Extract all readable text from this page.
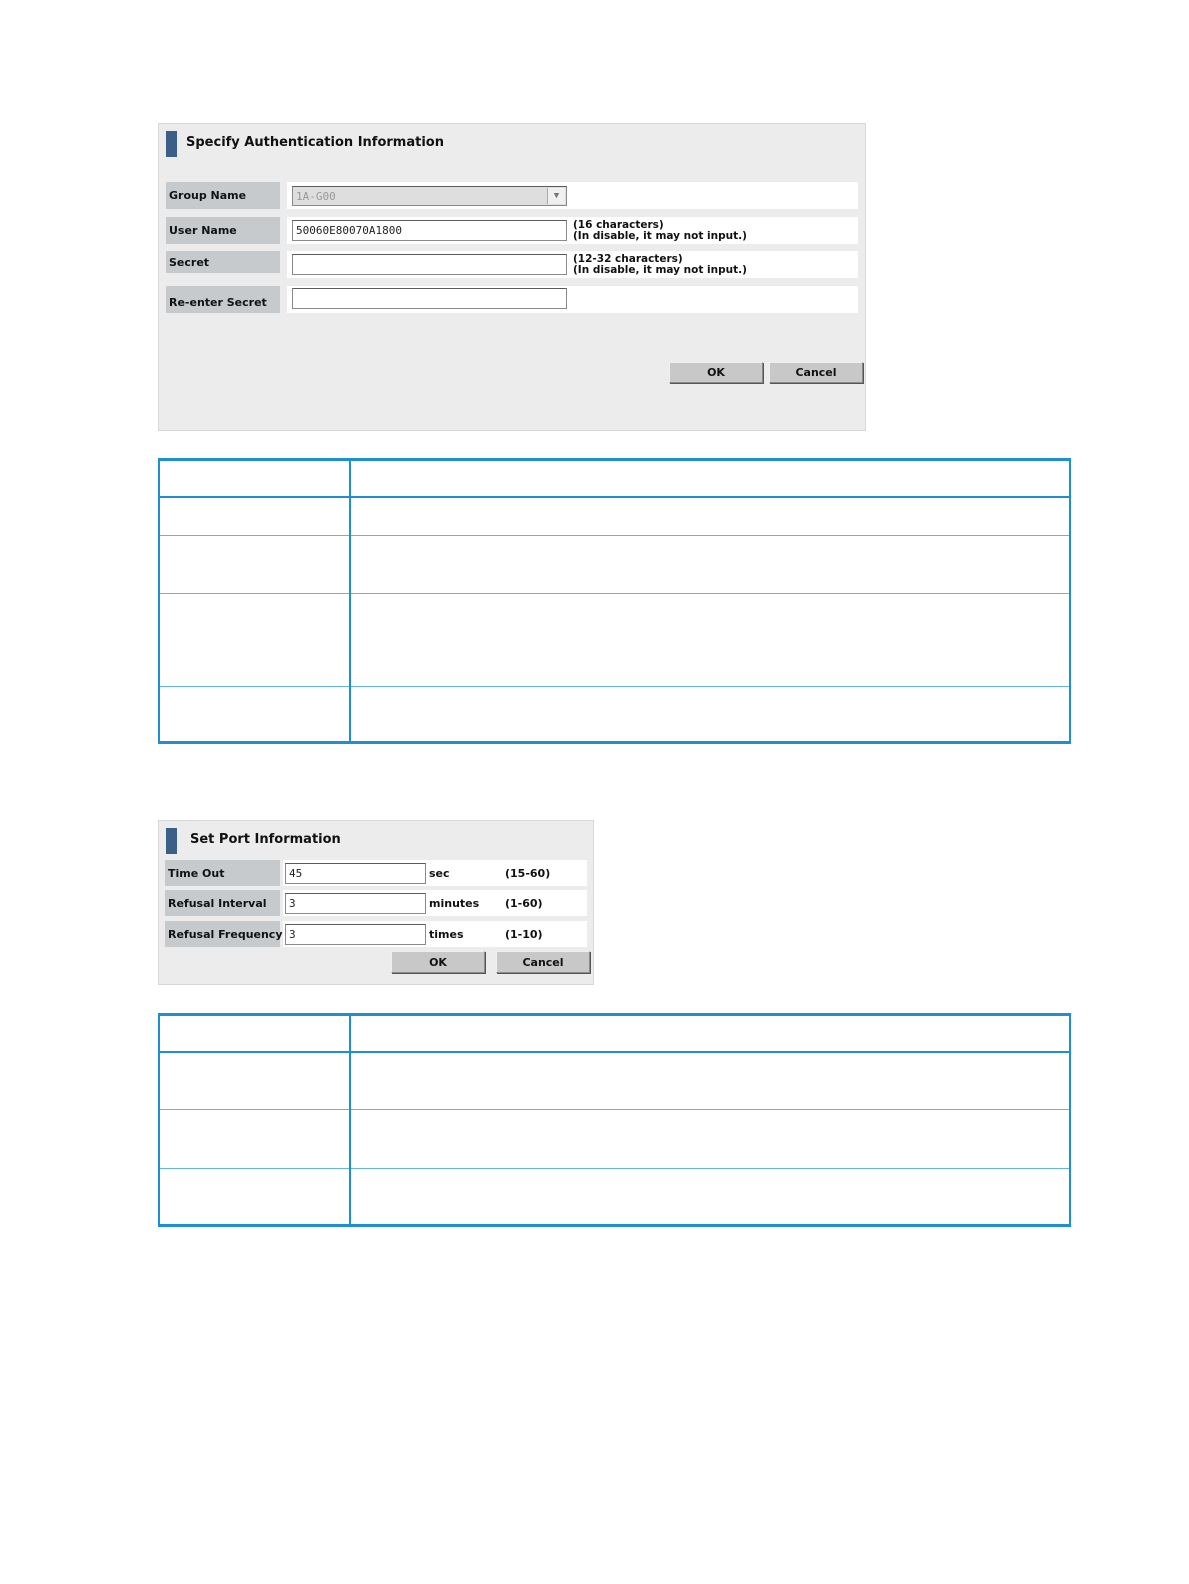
Specify Authentication Information
Group Name	1A-G00	▼
User Name	50060E80070A1800	(16 characters)
(In disable, it may not input.)
Secret	(12-32 characters)
(In disable, it may not input.)
Re-enter Secret
OK	Cancel

Set Port Information
Time Out	45	sec	(15-60)
Refusal Interval	3	minutes (1-60)
Refusal Frequency 3	times	(1-10)
OK	Cancel
